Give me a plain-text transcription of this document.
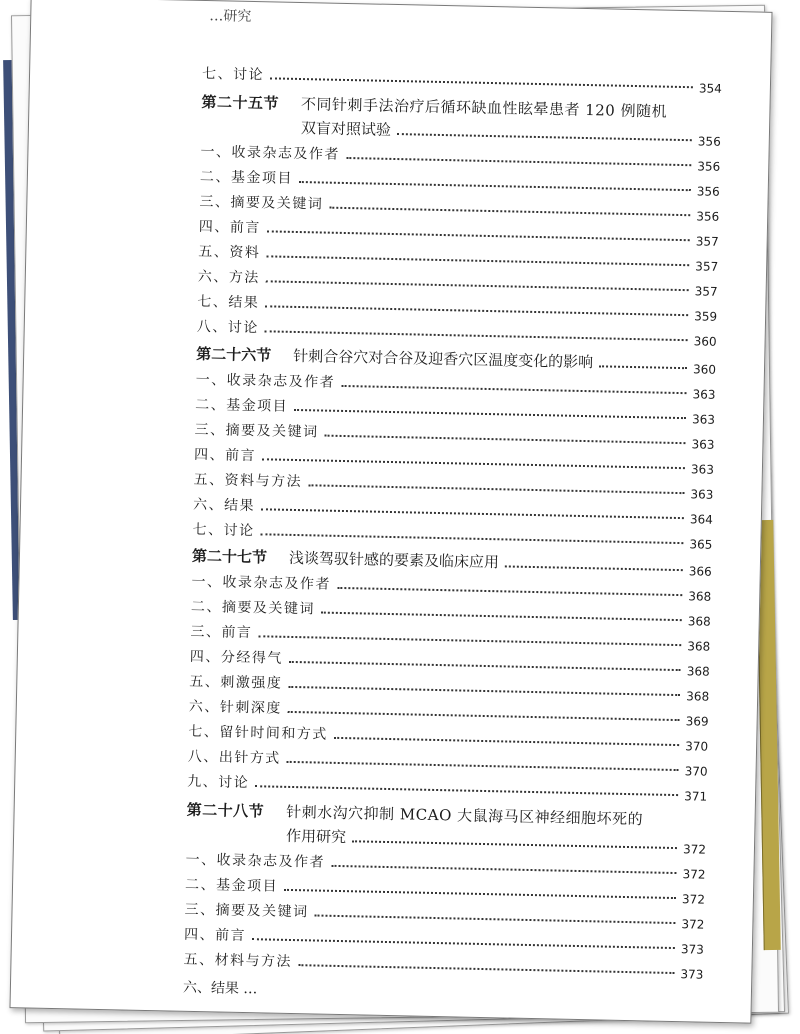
…研究
七、讨论
354
第二十五节 不同针刺手法治疗后循环缺血性眩晕患者 120 例随机
双盲对照试验
356
一、收录杂志及作者
356
二、基金项目
356
三、摘要及关键词
356
四、前言
357
五、资料
357
六、方法
357
七、结果
359
八、讨论
360
第二十六节 针刺合谷穴对合谷及迎香穴区温度变化的影响	360
一、收录杂志及作者
363
二、基金项目
363
三、摘要及关键词
363
四、前言
363
五、资料与方法
363
六、结果
364
七、讨论
365
第二十七节 浅谈驾驭针感的要素及临床应用
366
一、收录杂志及作者
368
二、摘要及关键词
368
三、前言
368
四、分经得气
368
五、刺激强度
368
六、针刺深度
369
七、留针时间和方式
370
八、出针方式
370
九、讨论
371
第二十八节 针刺水沟穴抑制 MCAO 大鼠海马区神经细胞坏死的
作用研究
372
一、收录杂志及作者
372
二、基金项目
372
三、摘要及关键词
372
四、前言
373
五、材料与方法
373
六、结果 …
